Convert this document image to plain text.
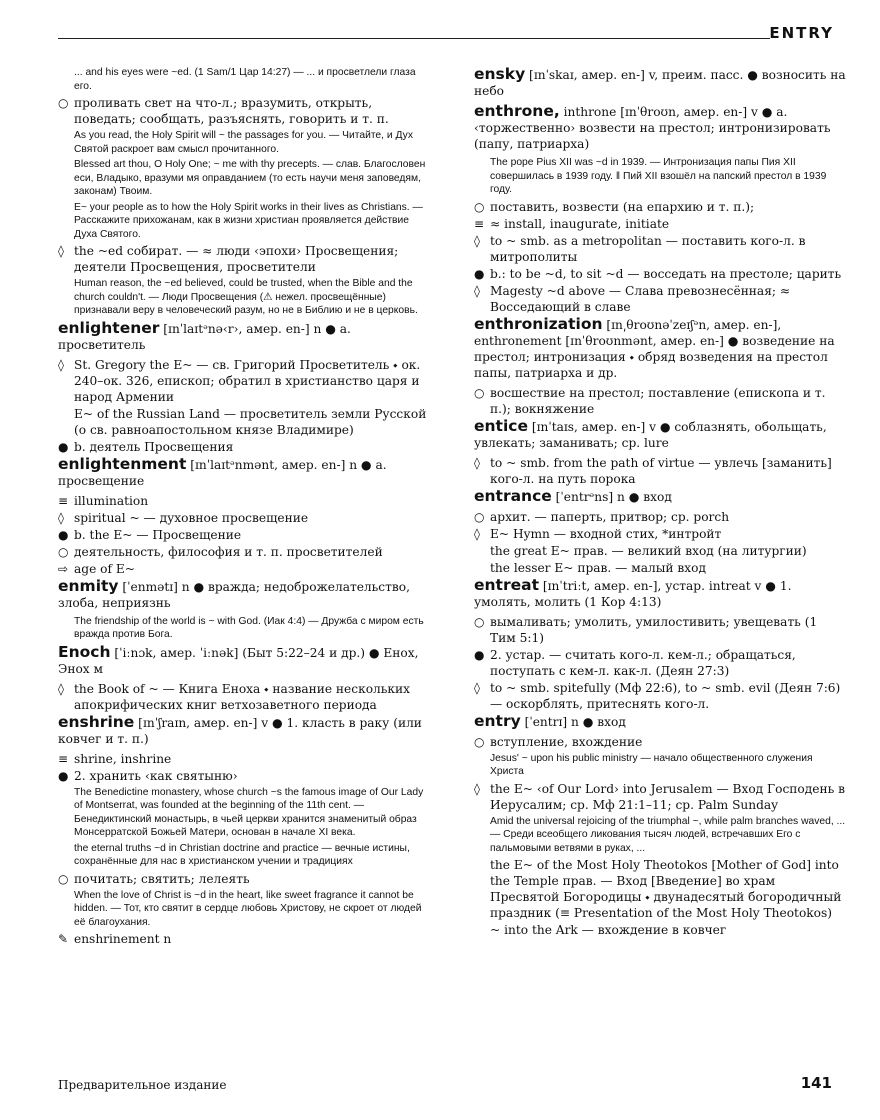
ENTRY
... and his eyes were ~ed. (1 Sam/1 Цар 14:27) — ... и просветлели глаза его.
○ проливать свет на что-л.; вразумить, открыть, поведать; сообщать, разъяснять, говорить и т. п.
As you read, the Holy Spirit will ~ the passages for you. — Читайте, и Дух Святой раскроет вам смысл прочитанного.
Blessed art thou, O Holy One; ~ me with thy precepts. — слав. Благословен еси, Владыко, вразуми мя оправданием (то есть научи меня заповедям, законам) Твоим.
E~ your people as to how the Holy Spirit works in their lives as Christians. — Расскажите прихожанам, как в жизни христиан проявляется действие Духа Святого.
◊ the ~ed собират. — ≈ люди ‹эпохи› Просвещения; деятели Просвещения, просветители
Human reason, the ~ed believed, could be trusted, when the Bible and the church couldn't. — Люди Просвещения (⚠ нежел. просвещённые) признавали веру в человеческий разум, но не в Библию и не в церковь.
enlightener [ɪnˈlaɪtᵊnə‹r›, амер. en-] n ● a. просветитель
◊ St. Gregory the E~ — св. Григорий Просветитель ⬩ ок. 240–ок. 326, епископ; обратил в христианство царя и народ Армении
E~ of the Russian Land — просветитель земли Русской (о св. равноапостольном князе Владимире)
● b. деятель Просвещения
enlightenment [ɪnˈlaɪtᵊnmənt, амер. en-] n ● a. просвещение
≡ illumination
◊ spiritual ~ — духовное просвещение
● b. the E~ — Просвещение
○ деятельность, философия и т. п. просветителей
⇨ age of E~
enmity [ˈenmətɪ] n ● вражда; недоброжелательство, злоба, неприязнь
The friendship of the world is ~ with God. (Иак 4:4) — Дружба с миром есть вражда против Бога.
Enoch [ˈiːnɔk, амер. ˈiːnək] (Быт 5:22–24 и др.) ● Енох, Энох м
◊ the Book of ~ — Книга Еноха ⬩ название нескольких апокрифических книг ветхозаветного периода
enshrine [ɪnˈʃraɪn, амер. en-] v ● 1. класть в раку (или ковчег и т. п.)
≡ shrine, inshrine
● 2. хранить ‹как святыню›
The Benedictine monastery, whose church ~s the famous image of Our Lady of Montserrat, was founded at the beginning of the 11th cent. — Бенедиктинский монастырь, в чьей церкви хранится знаменитый образ Монсерратской Божьей Матери, основан в начале XI века.
the eternal truths ~d in Christian doctrine and practice — вечные истины, сохранённые для нас в христианском учении и традициях
○ почитать; святить; лелеять
When the love of Christ is ~d in the heart, like sweet fragrance it cannot be hidden. — Тот, кто святит в сердце любовь Христову, не скроет от людей её благоухания.
✎ enshrinement n
ensky [ɪnˈskaɪ, амер. en-] v, преим. пасс. ● возносить на небо
enthrone, inthrone [ɪnˈθroʊn, амер. en-] v ● a. ‹торжественно› возвести на престол; интронизировать (папу, патриарха)
The pope Pius XII was ~d in 1939. — Интронизация папы Пия XII совершилась в 1939 году. ‖ Пий XII взошёл на папский престол в 1939 году.
○ поставить, возвести (на епархию и т. п.);
≡ ≈ install, inaugurate, initiate
◊ to ~ smb. as a metropolitan — поставить кого-л. в митрополиты
● b.: to be ~d, to sit ~d — восседать на престоле; царить
◊ Magesty ~d above — Слава превознесённая; ≈ Восседающий в славе
enthronization [ɪn͵θroʊnəˈzeɪʃᵊn, амер. en-], enthronement [ɪnˈθroʊnmənt, амер. en-] ● возведение на престол; интронизация ⬩ обряд возведения на престол папы, патриарха и др.
○ восшествие на престол; поставление (епископа и т. п.); вокняжение
entice [ɪnˈtaɪs, амер. en-] v ● соблазнять, обольщать, увлекать; заманивать; ср. lure
◊ to ~ smb. from the path of virtue — увлечь [заманить] кого-л. на путь порока
entrance [ˈentrᵊns] n ● вход
○ архит. — паперть, притвор; ср. porch
◊ E~ Hymn — входной стих, *интройт
the great E~ прав. — великий вход (на литургии)
the lesser E~ прав. — малый вход
entreat [ɪnˈtriːt, амер. en-], устар. intreat v ● 1. умолять, молить (1 Кор 4:13)
○ вымаливать; умолить, умилостивить; увещевать (1 Тим 5:1)
● 2. устар. — считать кого-л. кем-л.; обращаться, поступать с кем-л. как-л. (Деян 27:3)
◊ to ~ smb. spitefully (Мф 22:6), to ~ smb. evil (Деян 7:6) — оскорблять, притеснять кого-л.
entry [ˈentrɪ] n ● вход
○ вступление, вхождение
Jesus' ~ upon his public ministry — начало общественного служения Христа
◊ the E~ ‹of Our Lord› into Jerusalem — Вход Господень в Иерусалим; ср. Мф 21:1–11; ср. Palm Sunday
Amid the universal rejoicing of the triumphal ~, while palm branches waved, ... — Среди всеобщего ликования тысяч людей, встречавших Его с пальмовыми ветвями в руках, ...
the E~ of the Most Holy Theotokos [Mother of God] into the Temple прав. — Вход [Введение] во храм Пресвятой Богородицы ⬩ двунадесятый богородичный праздник (≡ Presentation of the Most Holy Theotokos)
~ into the Ark — вхождение в ковчег
Предварительное издание	141
